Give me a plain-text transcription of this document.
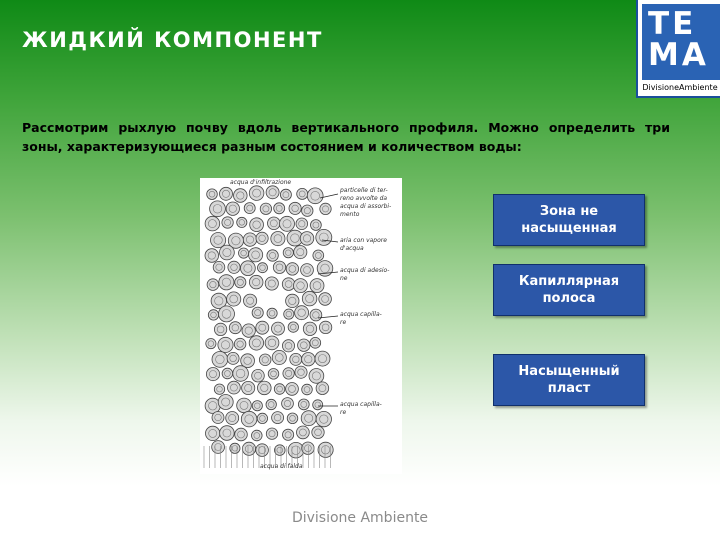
ЖИДКИЙ КОМПОНЕНТ	TE
MA
DivisioneAmbiente
Рассмотрим рыхлую почву вдоль вертикального профиля. Можно определить три зоны, характеризующиеся разным состоянием и количеством воды:
acqua d'infiltrazione
particelle di ter-
reno avvolte da
acqua di assorbi-
mento
aria con vapore
d'acqua
acqua di adesio-
ne
acqua capilla-
re
acqua capilla-
re
acqua di falda
Зона не насыщенная
Капиллярная полоса
Насыщенный пласт
Divisione Ambiente
